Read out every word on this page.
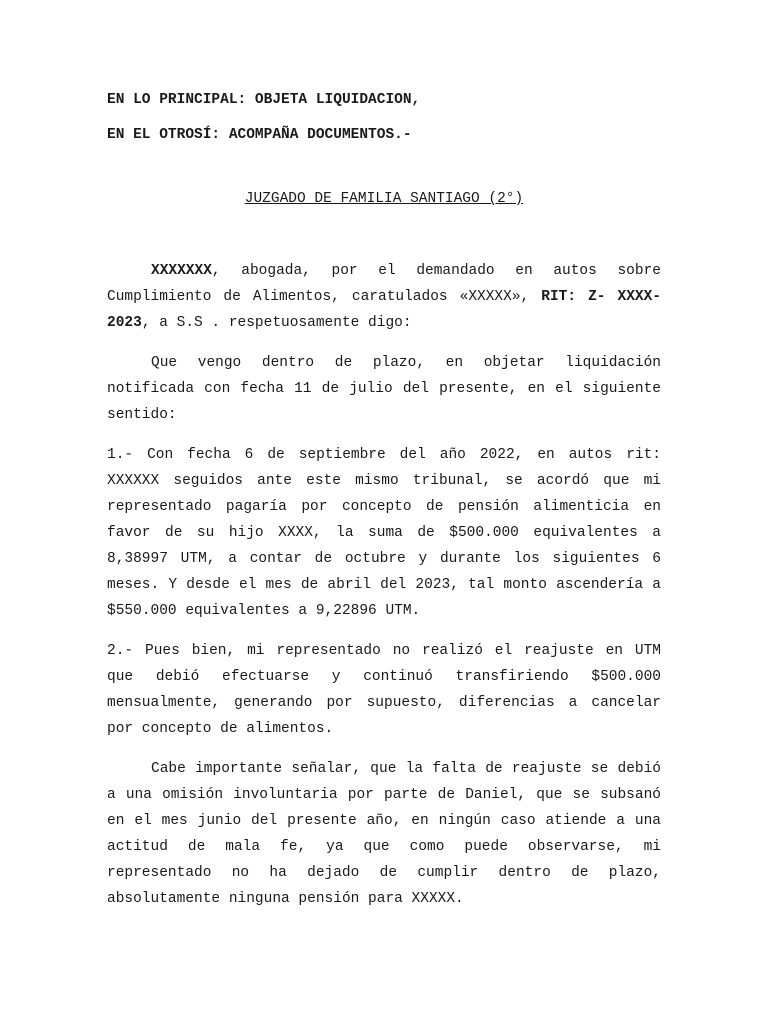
EN LO PRINCIPAL: OBJETA LIQUIDACION,

EN EL OTROSÍ: ACOMPAÑA DOCUMENTOS.-

JUZGADO DE FAMILIA SANTIAGO (2°)

XXXXXXX, abogada, por el demandado en autos sobre Cumplimiento de Alimentos, caratulados «XXXXX», RIT: Z- XXXX-2023, a S.S . respetuosamente digo:

Que vengo dentro de plazo, en objetar liquidación notificada con fecha 11 de julio del presente, en el siguiente sentido:

1.- Con fecha 6 de septiembre del año 2022, en autos rit: XXXXXX seguidos ante este mismo tribunal, se acordó que mi representado pagaría por concepto de pensión alimenticia en favor de su hijo XXXX, la suma de $500.000 equivalentes a 8,38997 UTM, a contar de octubre y durante los siguientes 6 meses. Y desde el mes de abril del 2023, tal monto ascendería a $550.000 equivalentes a 9,22896 UTM.

2.- Pues bien, mi representado no realizó el reajuste en UTM que debió efectuarse y continuó transfiriendo $500.000 mensualmente, generando por supuesto, diferencias a cancelar por concepto de alimentos.

Cabe importante señalar, que la falta de reajuste se debió a una omisión involuntaria por parte de Daniel, que se subsanó en el mes junio del presente año, en ningún caso atiende a una actitud de mala fe, ya que como puede observarse, mi representado no ha dejado de cumplir dentro de plazo, absolutamente ninguna pensión para XXXXX.
